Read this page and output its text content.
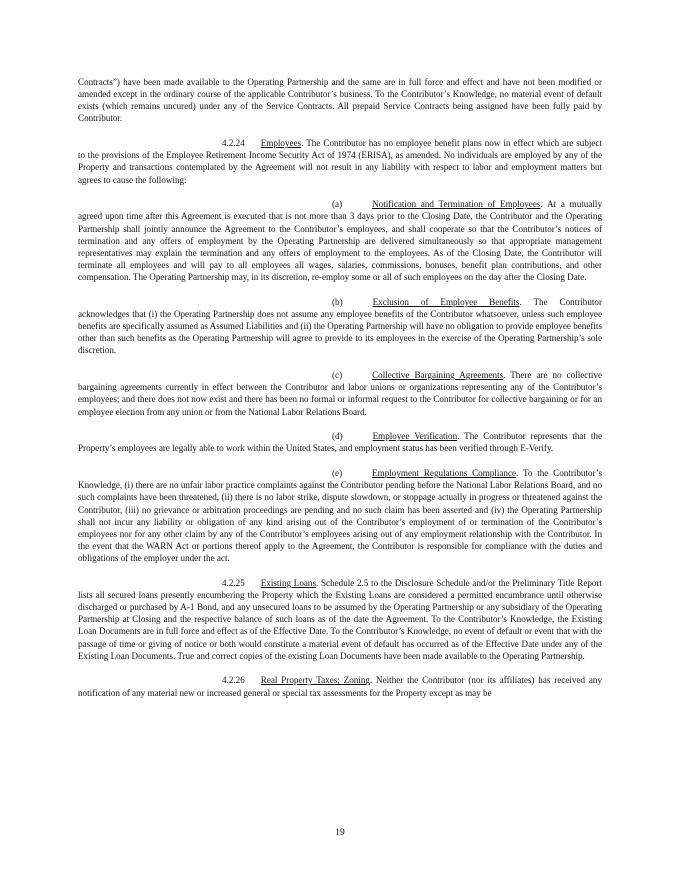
Contracts”) have been made available to the Operating Partnership and the same are in full force and effect and have not been modified or amended except in the ordinary course of the applicable Contributor’s business. To the Contributor’s Knowledge, no material event of default exists (which remains uncured) under any of the Service Contracts. All prepaid Service Contracts being assigned have been fully paid by Contributor.

4.2.24 Employees. The Contributor has no employee benefit plans now in effect which are subject to the provisions of the Employee Retirement Income Security Act of 1974 (ERISA), as amended. No individuals are employed by any of the Property and transactions contemplated by the Agreement will not result in any liability with respect to labor and employment matters but agrees to cause the following:

(a)	Notification and Termination of Employees. At a mutually agreed upon time after this Agreement is executed that is not more than 3 days prior to the Closing Date, the Contributor and the Operating Partnership shall jointly announce the Agreement to the Contributor’s employees, and shall cooperate so that the Contributor’s notices of termination and any offers of employment by the Operating Partnership are delivered simultaneously so that appropriate management representatives may explain the termination and any offers of employment to the employees. As of the Closing Date, the Contributor will terminate all employees and will pay to all employees all wages, salaries, commissions, bonuses, benefit plan contributions, and other compensation. The Operating Partnership may, in its discretion, re-employ some or all of such employees on the day after the Closing Date.

(b)	Exclusion of Employee Benefits. The Contributor acknowledges that (i) the Operating Partnership does not assume any employee benefits of the Contributor whatsoever, unless such employee benefits are specifically assumed as Assumed Liabilities and (ii) the Operating Partnership will have no obligation to provide employee benefits other than such benefits as the Operating Partnership will agree to provide to its employees in the exercise of the Operating Partnership’s sole discretion.

(c)	Collective Bargaining Agreements. There are no collective bargaining agreements currently in effect between the Contributor and labor unions or organizations representing any of the Contributor’s employees; and there does not now exist and there has been no formal or informal request to the Contributor for collective bargaining or for an employee election from any union or from the National Labor Relations Board.

(d)	Employee Verification. The Contributor represents that the Property’s employees are legally able to work within the United States, and employment status has been verified through E-Verify.

(e)	Employment Regulations Compliance. To the Contributor’s Knowledge, (i) there are no unfair labor practice complaints against the Contributor pending before the National Labor Relations Board, and no such complaints have been threatened, (ii) there is no labor strike, dispute slowdown, or stoppage actually in progress or threatened against the Contributor, (iii) no grievance or arbitration proceedings are pending and no such claim has been asserted and (iv) the Operating Partnership shall not incur any liability or obligation of any kind arising out of the Contributor’s employment of or termination of the Contributor’s employees nor for any other claim by any of the Contributor’s employees arising out of any employment relationship with the Contributor. In the event that the WARN Act or portions thereof apply to the Agreement, the Contributor is responsible for compliance with the duties and obligations of the employer under the act.

4.2.25 Existing Loans. Schedule 2.5 to the Disclosure Schedule and/or the Preliminary Title Report lists all secured loans presently encumbering the Property which the Existing Loans are considered a permitted encumbrance until otherwise discharged or purchased by A-1 Bond, and any unsecured loans to be assumed by the Operating Partnership or any subsidiary of the Operating Partnership at Closing and the respective balance of such loans as of the date the Agreement. To the Contributor’s Knowledge, the Existing Loan Documents are in full force and effect as of the Effective Date. To the Contributor’s Knowledge, no event of default or event that with the passage of time or giving of notice or both would constitute a material event of default has occurred as of the Effective Date under any of the Existing Loan Documents. True and correct copies of the existing Loan Documents have been made available to the Operating Partnership.

4.2.26 Real Property Taxes; Zoning. Neither the Contributor (nor its affiliates) has received any notification of any material new or increased general or special tax assessments for the Property except as may be

19
